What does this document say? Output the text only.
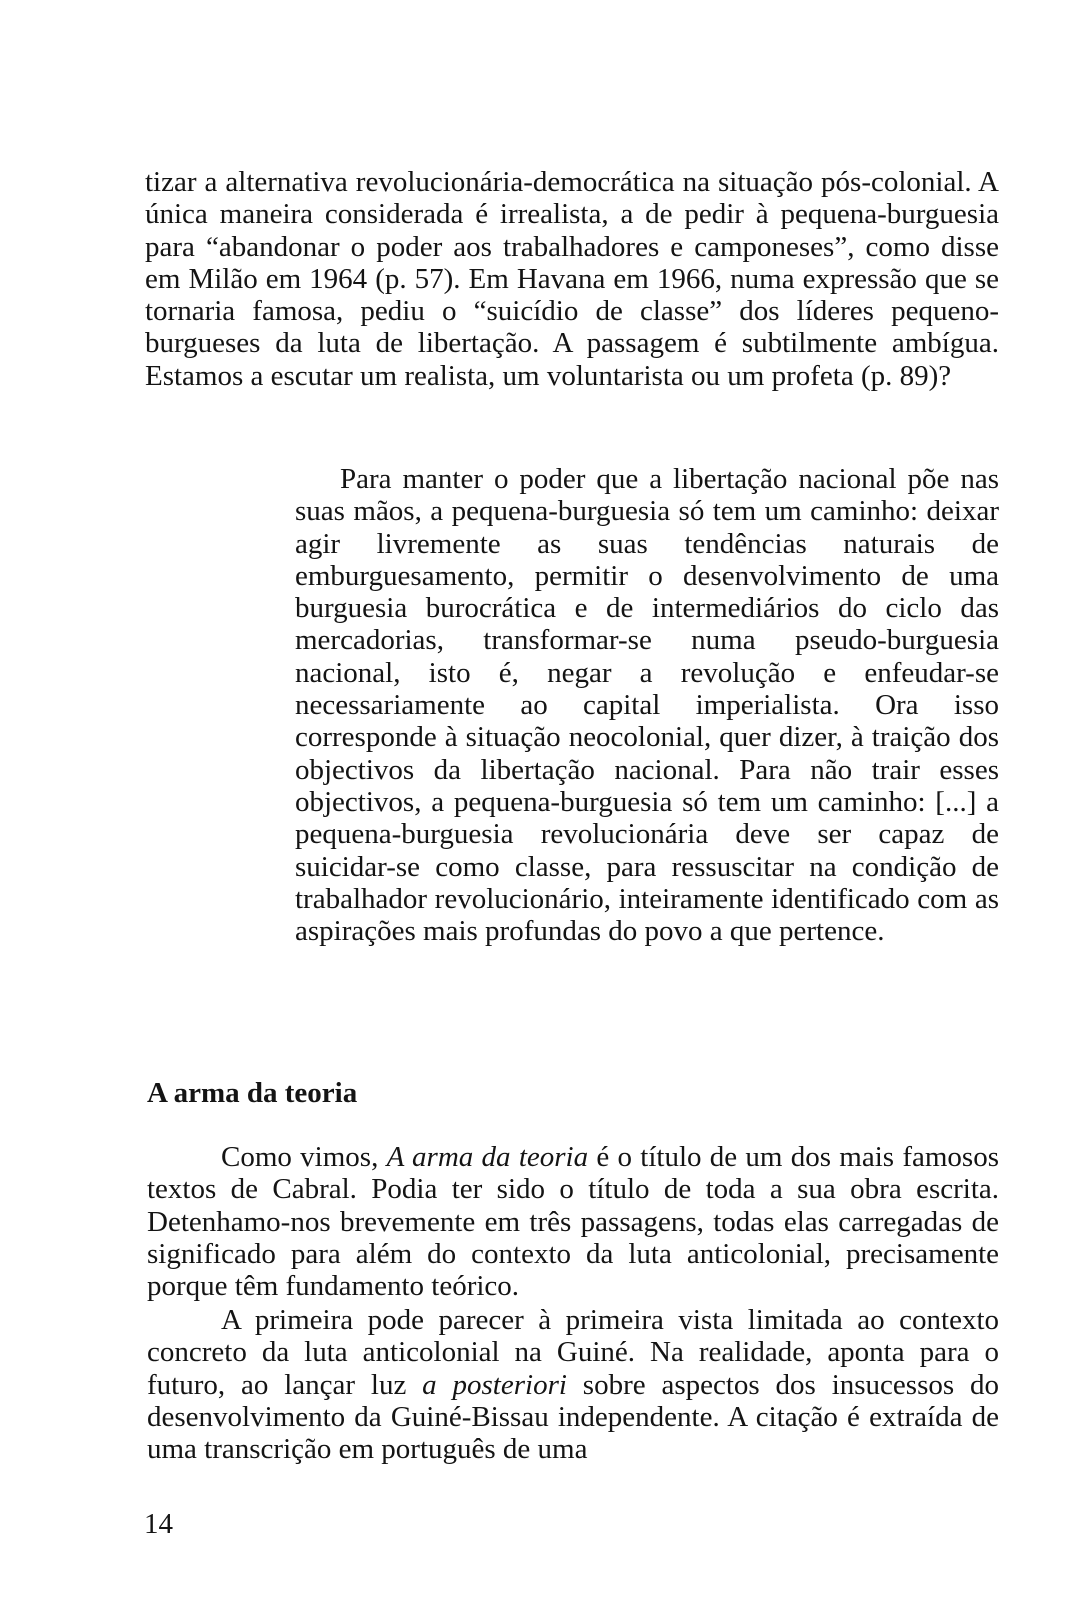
tizar a alternativa revolucionária-democrática na situação pós-colonial. A única maneira considerada é irrealista, a de pedir à pequena-burguesia para “abandonar o poder aos trabalhadores e camponeses”, como disse em Milão em 1964 (p. 57). Em Havana em 1966, numa expressão que se tornaria famosa, pediu o “suicídio de classe” dos líderes pequeno-burgueses da luta de libertação. A passagem é subtilmente ambígua. Estamos a escutar um realista, um voluntarista ou um profeta (p. 89)?

Para manter o poder que a libertação nacional põe nas suas mãos, a pequena-burguesia só tem um caminho: deixar agir livremente as suas tendências naturais de emburguesamento, permitir o desenvolvimento de uma burguesia burocrática e de intermediários do ciclo das mercadorias, transformar-se numa pseudo-burguesia nacional, isto é, negar a revolução e enfeudar-se necessariamente ao capital imperialista. Ora isso corresponde à situação neocolonial, quer dizer, à traição dos objectivos da libertação nacional. Para não trair esses objectivos, a pequena-burguesia só tem um caminho: [...] a pequena-burguesia revolucionária deve ser capaz de suicidar-se como classe, para ressuscitar na condição de trabalhador revolucionário, inteiramente identificado com as aspirações mais profundas do povo a que pertence.

A arma da teoria

Como vimos, A arma da teoria é o título de um dos mais famosos textos de Cabral. Podia ter sido o título de toda a sua obra escrita. Detenhamo-nos brevemente em três passagens, todas elas carregadas de significado para além do contexto da luta anticolonial, precisamente porque têm fundamento teórico.

A primeira pode parecer à primeira vista limitada ao contexto concreto da luta anticolonial na Guiné. Na realidade, aponta para o futuro, ao lançar luz a posteriori sobre aspectos dos insucessos do desenvolvimento da Guiné-Bissau independente. A citação é extraída de uma transcrição em português de uma

14
